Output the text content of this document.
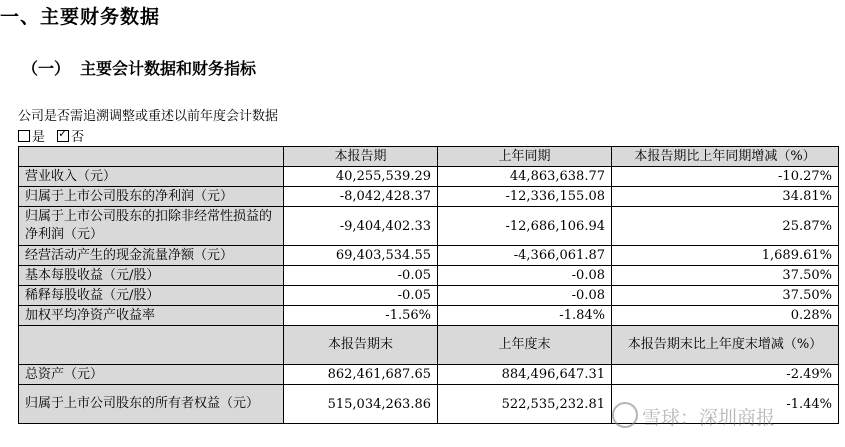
一、主要财务数据
（一） 主要会计数据和财务指标
公司是否需追溯调整或重述以前年度会计数据
是 ✓ 否
	本报告期	上年同期	本报告期比上年同期增减（%）
营业收入（元）	40,255,539.29	44,863,638.77	-10.27%
归属于上市公司股东的净利润（元）	-8,042,428.37	-12,336,155.08	34.81%
归属于上市公司股东的扣除非经常性损益的净利润（元）	-9,404,402.33	-12,686,106.94	25.87%
经营活动产生的现金流量净额（元）	69,403,534.55	-4,366,061.87	1,689.61%
基本每股收益（元/股）	-0.05	-0.08	37.50%
稀释每股收益（元/股）	-0.05	-0.08	37.50%
加权平均净资产收益率	-1.56%	-1.84%	0.28%
	本报告期末	上年度末	本报告期末比上年度末增减（%）
总资产（元）	862,461,687.65	884,496,647.31	-2.49%
归属于上市公司股东的所有者权益（元）	515,034,263.86	522,535,232.81	-1.44%
雪球：深圳商报
